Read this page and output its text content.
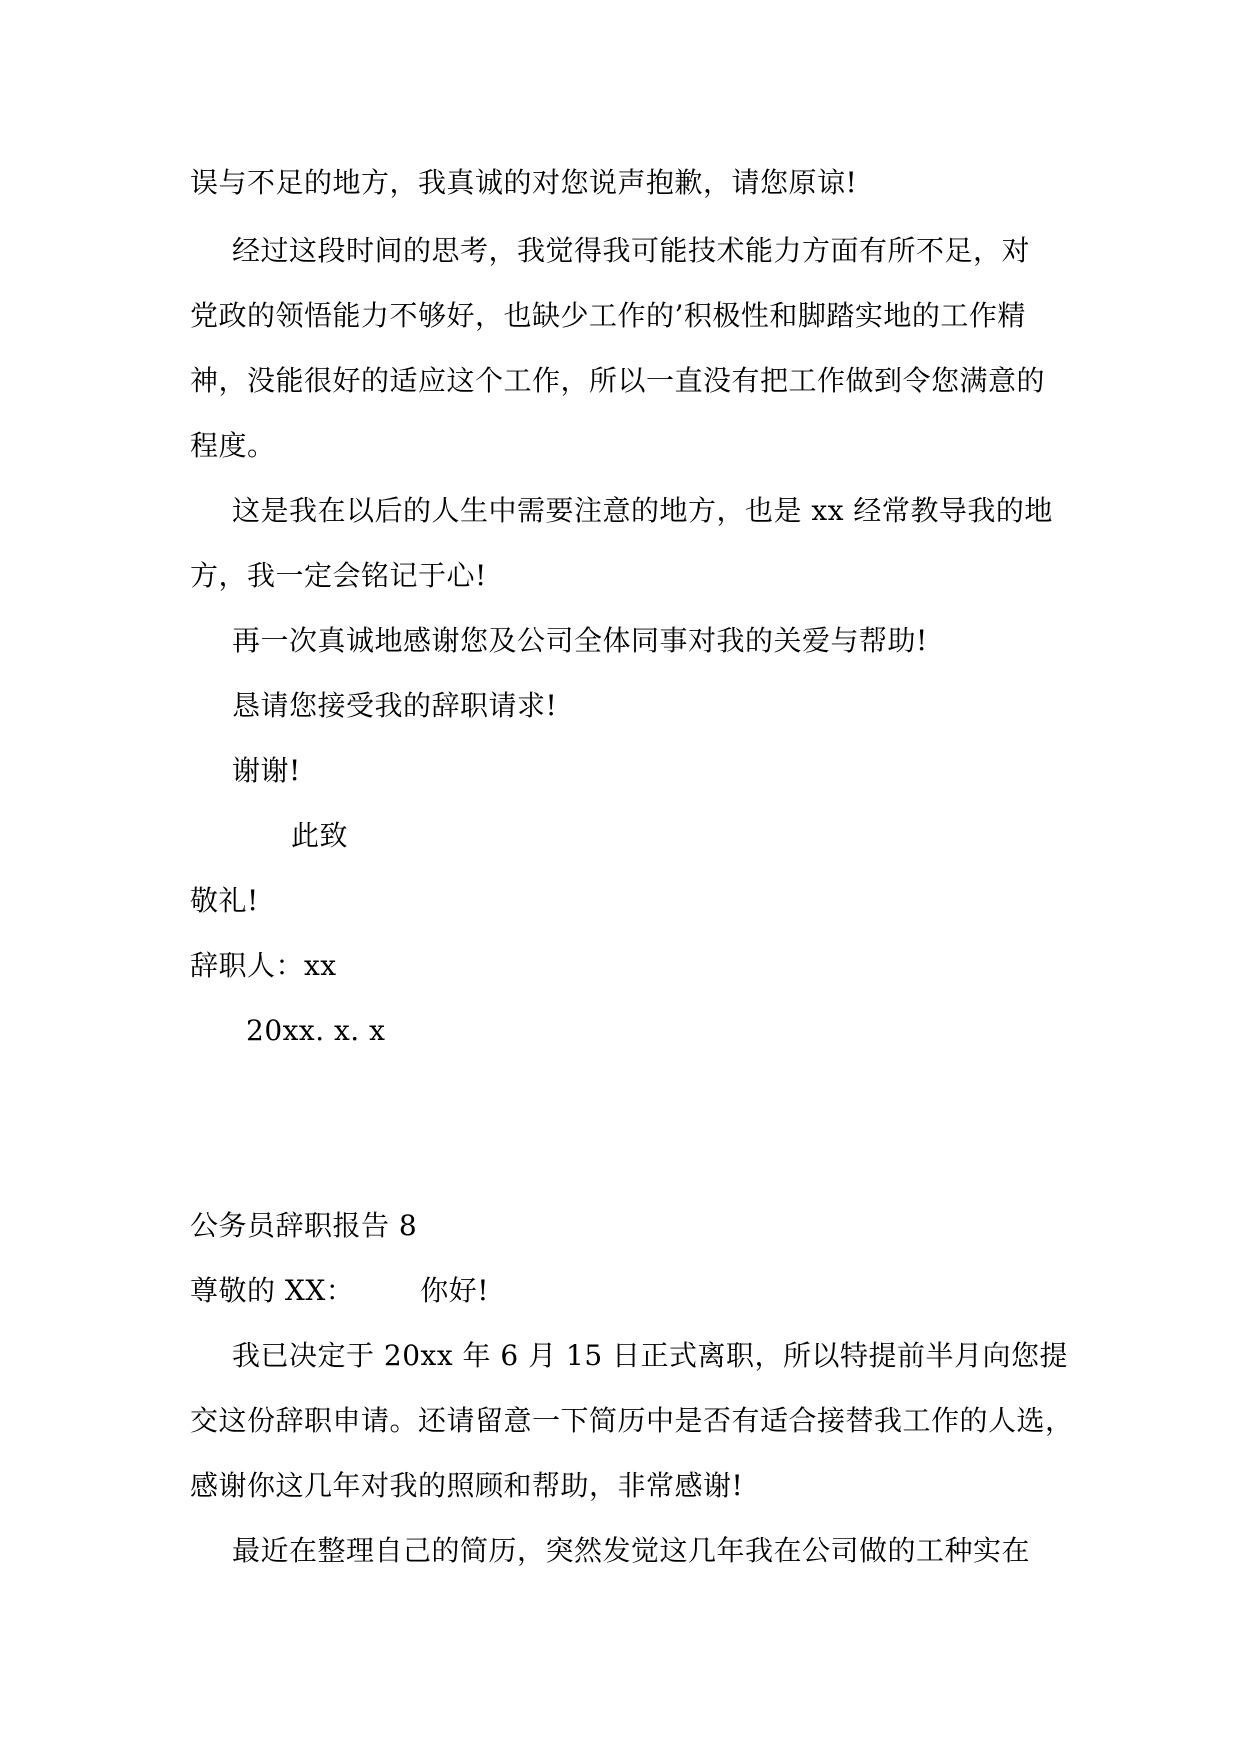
误与不足的地方，我真诚的对您说声抱歉，请您原谅!
经过这段时间的思考，我觉得我可能技术能力方面有所不足，对
党政的领悟能力不够好，也缺少工作的’积极性和脚踏实地的工作精
神，没能很好的适应这个工作，所以一直没有把工作做到令您满意的
程度。
这是我在以后的人生中需要注意的地方，也是 xx 经常教导我的地
方，我一定会铭记于心!
再一次真诚地感谢您及公司全体同事对我的关爱与帮助!
恳请您接受我的辞职请求!
谢谢!
此致
敬礼!
辞职人：xx
20xx. x. x
公务员辞职报告 8
尊敬的 XX： 你好!
我已决定于 20xx 年 6 月 15 日正式离职，所以特提前半月向您提
交这份辞职申请。还请留意一下简历中是否有适合接替我工作的人选，
感谢你这几年对我的照顾和帮助，非常感谢!
最近在整理自己的简历，突然发觉这几年我在公司做的工种实在
